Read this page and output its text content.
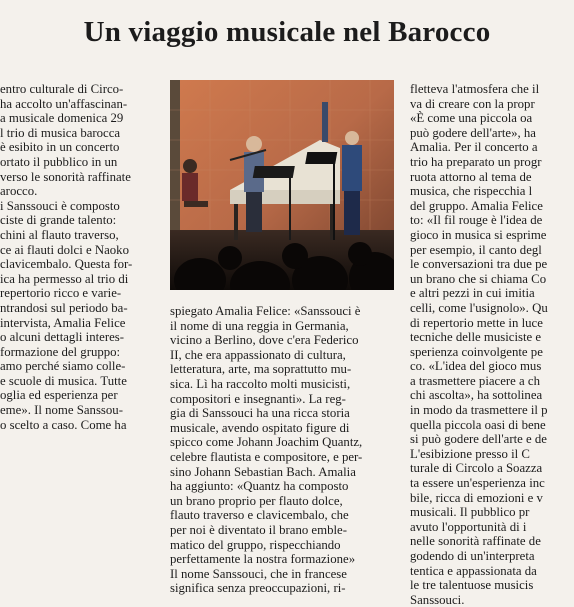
Un viaggio musicale nel Barocco
entro culturale di Circo-
ha accolto un'affascinan-
a musicale domenica 29
l trio di musica barocca
è esibito in un concerto
ortato il pubblico in un
verso le sonorità raffinate
arocco.
i Sanssouci è composto
ciste di grande talento:
chini al flauto traverso,
ce ai flauti dolci e Naoko
clavicembalo. Questa for-
ica ha permesso al trio di
repertorio ricco e varie-
ntrandosi sul periodo ba-
intervista, Amalia Felice
o alcuni dettagli interes-
formazione del gruppo:
amo perché siamo colle-
e scuole di musica. Tutte
oglia ed esperienza per
eme». Il nome Sanssou-
o scelto a caso. Come ha
spiegato Amalia Felice: «Sanssouci è
il nome di una reggia in Germania,
vicino a Berlino, dove c'era Federico
II, che era appassionato di cultura,
letteratura, arte, ma soprattutto mu-
sica. Lì ha raccolto molti musicisti,
compositori e insegnanti». La reg-
gia di Sanssouci ha una ricca storia
musicale, avendo ospitato figure di
spicco come Johann Joachim Quantz,
celebre flautista e compositore, e per-
sino Johann Sebastian Bach. Amalia
ha aggiunto: «Quantz ha composto
un brano proprio per flauto dolce,
flauto traverso e clavicembalo, che
per noi è diventato il brano emble-
matico del gruppo, rispecchiando
perfettamente la nostra formazione»
Il nome Sanssouci, che in francese
significa senza preoccupazioni, ri-
fletteva l'atmosfera che il
va di creare con la propr
«È come una piccola oa
può godere dell'arte», ha
Amalia. Per il concerto a
trio ha preparato un progr
ruota attorno al tema de
musica, che rispecchia l
del gruppo. Amalia Felice
to: «Il fil rouge è l'idea de
gioco in musica si esprime
per esempio, il canto degl
le conversazioni tra due pe
un brano che si chiama Co
e altri pezzi in cui imitia
celli, come l'usignolo». Qu
di repertorio mette in luce
tecniche delle musiciste e
sperienza coinvolgente pe
co. «L'idea del gioco mus
a trasmettere piacere a ch
chi ascolta», ha sottolinea
in modo da trasmettere il p
quella piccola oasi di bene
si può godere dell'arte e de
L'esibizione presso il C
turale di Circolo a Soazza
ta essere un'esperienza inc
bile, ricca di emozioni e v
musicali. Il pubblico pr
avuto l'opportunità di i
nelle sonorità raffinate de
godendo di un'interpreta
tentica e appassionata da
le tre talentuose musicis
Sanssouci.
